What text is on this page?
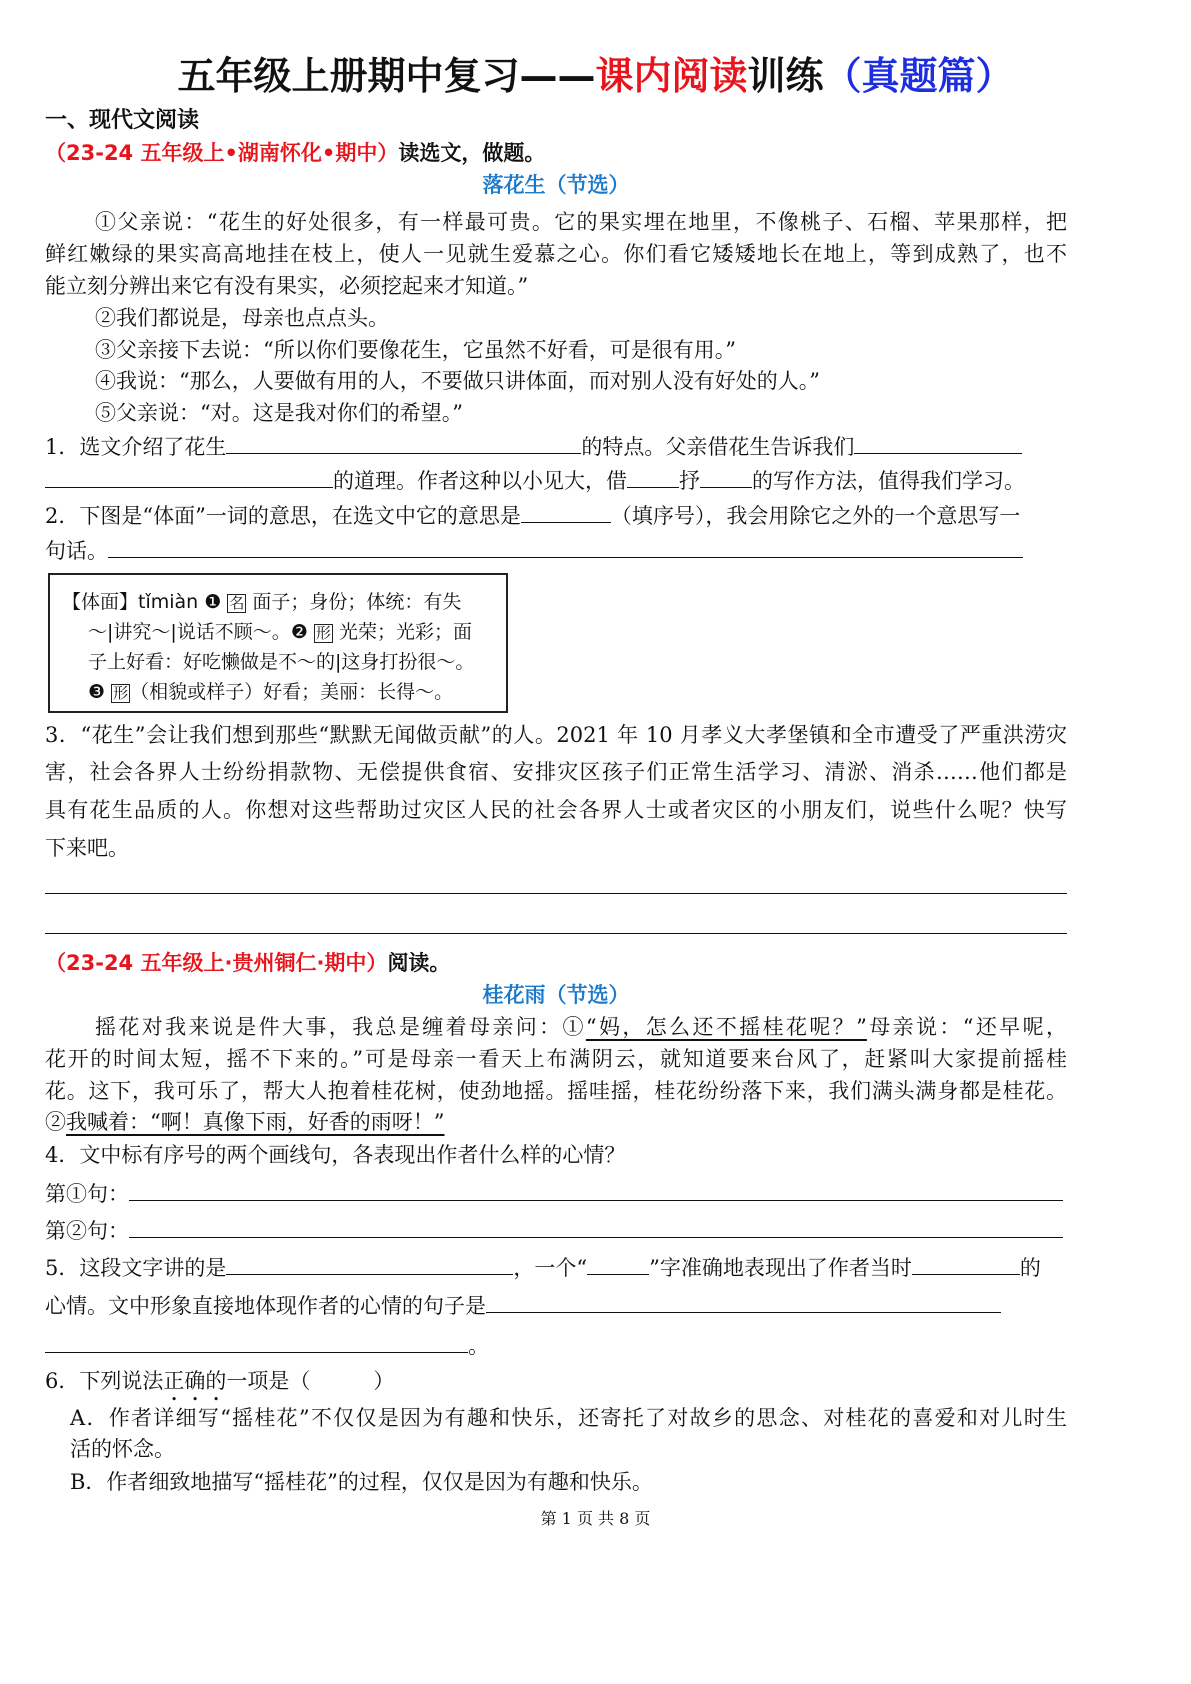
五年级上册期中复习——课内阅读训练（真题篇）
一、现代文阅读
（23-24 五年级上•湖南怀化•期中）读选文，做题。
落花生（节选）
①父亲说：“花生的好处很多，有一样最可贵。它的果实埋在地里，不像桃子、石榴、苹果那样，把
鲜红嫩绿的果实高高地挂在枝上，使人一见就生爱慕之心。你们看它矮矮地长在地上，等到成熟了，也不
能立刻分辨出来它有没有果实，必须挖起来才知道。”
②我们都说是，母亲也点点头。
③父亲接下去说：“所以你们要像花生，它虽然不好看，可是很有用。”
④我说：“那么，人要做有用的人，不要做只讲体面，而对别人没有好处的人。”
⑤父亲说：“对。这是我对你们的希望。”
1．选文介绍了花生	的特点。父亲借花生告诉我们
的道理。作者这种以小见大，借 抒 的写作方法，值得我们学习。
2．下图是“体面”一词的意思，在选文中它的意思是	（填序号），我会用除它之外的一个意思写一
句话。
【体面】tǐmiàn ❶ 名 面子；身份；体统：有失
～|讲究～|说话不顾～。❷ 形 光荣；光彩；面
子上好看：好吃懒做是不～的|这身打扮很～。
❸ 形 （相貌或样子）好看；美丽：长得～。
3．“花生”会让我们想到那些“默默无闻做贡献”的人。2021 年 10 月孝义大孝堡镇和全市遭受了严重洪涝灾
害，社会各界人士纷纷捐款物、无偿提供食宿、安排灾区孩子们正常生活学习、清淤、消杀……他们都是
具有花生品质的人。你想对这些帮助过灾区人民的社会各界人士或者灾区的小朋友们，说些什么呢？快写
下来吧。
（23-24 五年级上·贵州铜仁·期中）阅读。
桂花雨（节选）
摇花对我来说是件大事，我总是缠着母亲问：①“妈，怎么还不摇桂花呢？”母亲说：“还早呢，
花开的时间太短，摇不下来的。”可是母亲一看天上布满阴云，就知道要来台风了，赶紧叫大家提前摇桂
花。这下，我可乐了，帮大人抱着桂花树，使劲地摇。摇哇摇，桂花纷纷落下来，我们满头满身都是桂花。
②我喊着：“啊！真像下雨，好香的雨呀！”
4．文中标有序号的两个画线句，各表现出作者什么样的心情？
第①句：
第②句：
5．这段文字讲的是	，一个“	”字准确地表现出了作者当时	的
心情。文中形象直接地体现作者的心情的句子是
。
6．下列说法正确的一项是（　　　）
A．作者详细写“摇桂花”不仅仅是因为有趣和快乐，还寄托了对故乡的思念、对桂花的喜爱和对儿时生
活的怀念。
B．作者细致地描写“摇桂花”的过程，仅仅是因为有趣和快乐。
第 1 页 共 8 页
